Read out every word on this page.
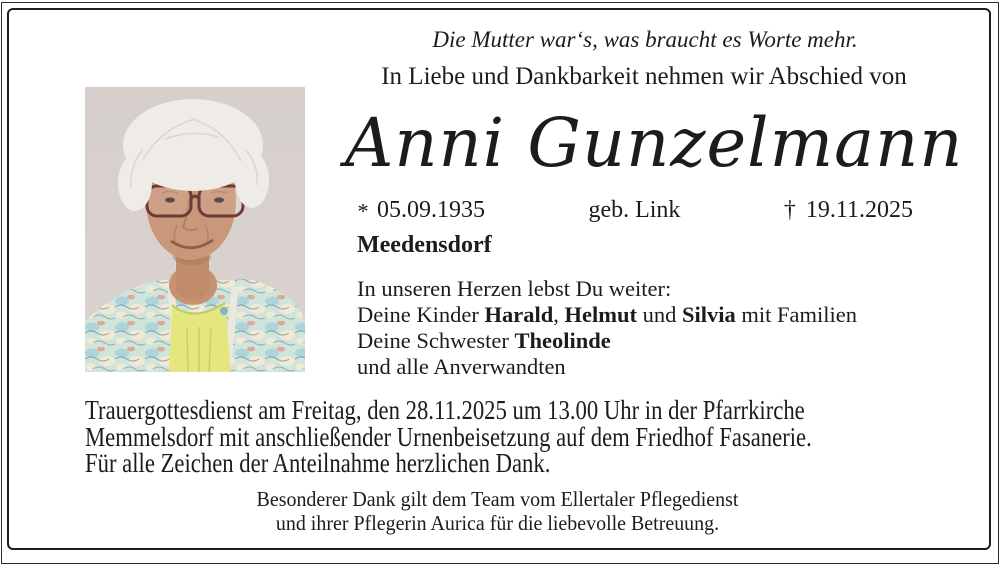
Die Mutter war‘s, was braucht es Worte mehr.
In Liebe und Dankbarkeit nehmen wir Abschied von
Anni Gunzelmann
* 05.09.1935	geb. Link	† 19.11.2025
Meedensdorf
In unseren Herzen lebst Du weiter:
Deine Kinder Harald, Helmut und Silvia mit Familien
Deine Schwester Theolinde
und alle Anverwandten
Trauergottesdienst am Freitag, den 28.11.2025 um 13.00 Uhr in der Pfarrkirche
Memmelsdorf mit anschließender Urnenbeisetzung auf dem Friedhof Fasanerie.
Für alle Zeichen der Anteilnahme herzlichen Dank.
Besonderer Dank gilt dem Team vom Ellertaler Pflegedienst
und ihrer Pflegerin Aurica für die liebevolle Betreuung.
